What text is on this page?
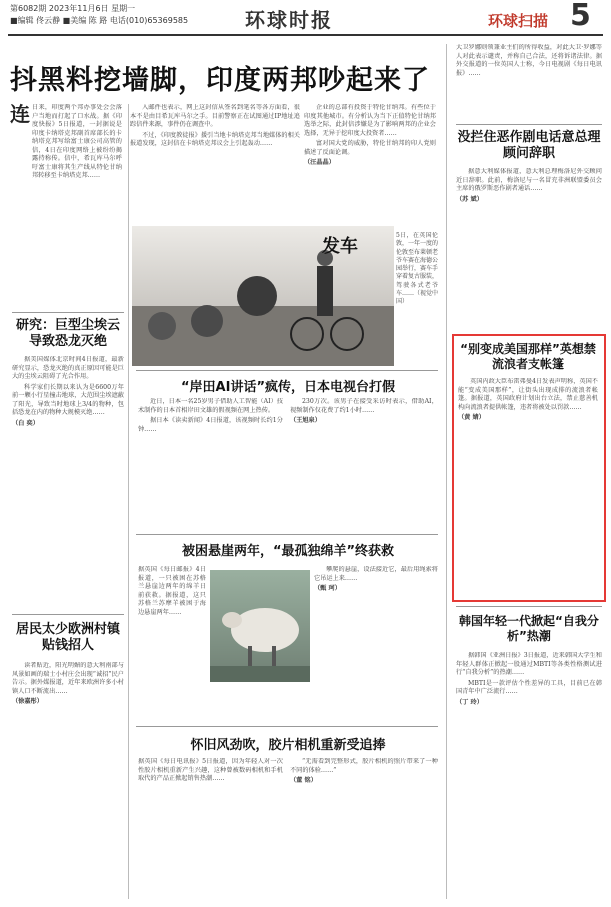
第6082期 2023年11月6日 星期一
■编辑 佟云静 ■美编 陈 路 电话(010)65369585	环球时报	环球扫描 5
抖黑料挖墙脚，印度两邦吵起来了
连 日来，印度两个邦办事处会会落户当地而打起了口水战。据《印度快报》5日报道，一封据说是印度卡纳塔克邦副首席部长的卡纳塔克邦写给富士康公司高管的信，4日在印度网络上被纷纷揭露持称传。信中，希瓦库马尔呼吁富士康将其生产线从特伦甘纳邦转移至卡纳塔克邦……

入邮件也表示，网上这封信从签名到笔名等各方面看，很本不是由目希瓦库马尔之手。目前警察正在试图通过IP地址追踪信件来源，事件仍在调查中。

不过，《印度教徒报》援引当地卡纳塔克邦当地媒体的相关报道发现，这封信在卡纳塔克邦议会上引起轰动……

企业的总部有投资于特伦甘纳邦。有些位于印度其他城市。有分析认为当下正值特伦甘纳邦选举之际，此封信涉嫌是为了影响两邦的企业会选择，无异于挖印度大投资者……

富对国大党的威胁，特伦甘纳邦的印人党则描述了反面论调。

（汪晶晶）
发车
5日，在英国伦敦，一年一度的伦敦至布莱顿老爷车赛在海德公园举行，赛车手穿着复古服装，驾驶各式老爷车……（视觉中国）
研究：巨型尘埃云导致恐龙灭绝

据美国媒体北京时间4日报道，最新研究显示，恐龙灭绝的真正原因可能是巨大的尘埃云阻碍了光合作用。

科学家们长期以来认为是6600万年前一颗小行星撞击地球，大范围尘埃遮蔽了阳光，导致当时地球上3/4的物种，包括恐龙在内的物种大规模灭绝……

（白 奕）
“岸田AI讲话”疯传，日本电视台打假

近日，日本一名25岁男子借助人工智能（AI）技术制作的日本首相岸田文雄的假视频在网上热传。

据日本《读卖新闻》4日报道，该视频时长约1分钟……

230万次。该男子在接受采访时表示，借助AI，视频制作仅花费了约1小时……

（王旭泉）
被困悬崖两年，“最孤独绵羊”终获救
据英国《每日邮报》4日报道，一只被困在苏格兰悬崖边两年的绵羊日前获救。据报道，这只苏格兰苏摩羊被困于海边悬崖两年……

攀爬的悬崖，设法接近它，最后用绳索将它吊运上来……

（甄 珂）
居民太少欧洲村镇贴钱招人

读者贴近，阳光明媚的意大利南部与风景如画的瑞士小村庄会出现“诚招”民户告示。据外媒报道，近年来欧洲许多小村镇人口不断流出……

（徐嘉彤）
怀旧风劲吹，胶片相机重新受追捧
据英国《每日电讯报》5日报道，因为年轻人对一次性胶片相机重新产生兴趣，这种曾被数码相机和手机取代的产品正掀起销售热潮……

“无需看到完整形式，胶片相机的照片带来了一种不同的体验……”

（董 铭）
大卫罗娜则领兼业主们的所得收益，对此大卫·罗娜等人对此表示谴责，并称自己合法，还将诉诸法律。据外交报道的一位英国人士称，今日电视剧《每日电讯报》……
没拦住恶作剧电话意总理顾问辞职

据意大利媒体报道，意大利总理梅洛尼外交顾问近日辞职。此前，梅洛尼与一名冒充非洲联盟委员会主席的俄罗斯恶作剧者通话……

（苏 斌）
“别变成美国那样”英想禁流浪者支帐篷

英国内政大臣布雷弗曼4日发表声明称，英国不能“变成美国那样”，让街头出现成排的流浪者帐篷。据报道，英国政府计划出台立法，禁止慈善机构向流浪者提供帐篷，违者将被处以罚款……

（黄 婧）
韩国年轻一代掀起“自我分析”热潮

据韩国《亚洲日报》3日报道，近来韩国大学生和年轻人群体正掀起一股通过MBTI等各类性格测试进行“自我分析”的热潮……

MBTI是一款评估个性差异的工具，目前已在韩国青年中广泛流行……

（丁 玲）
